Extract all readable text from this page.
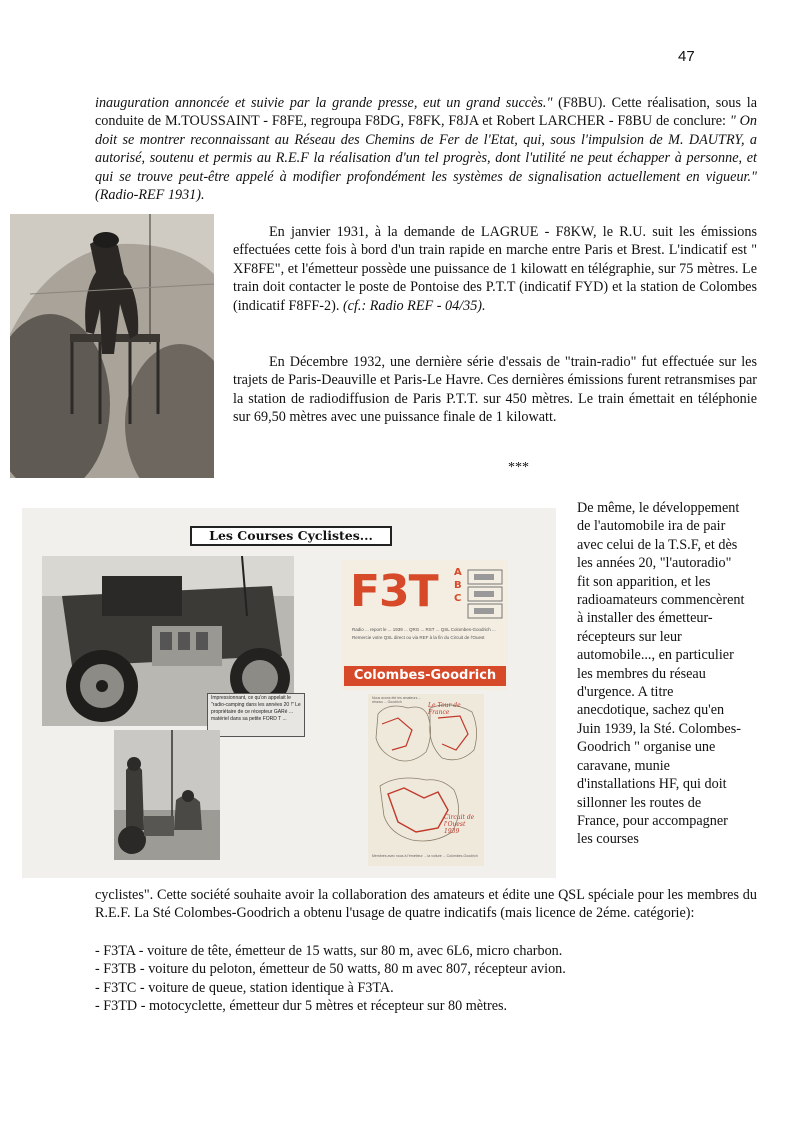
47

inauguration annoncée et suivie par la grande presse, eut un grand succès." (F8BU). Cette réalisation, sous la conduite de M.TOUSSAINT - F8FE, regroupa F8DG, F8FK, F8JA et Robert LARCHER - F8BU de conclure: " On doit se montrer reconnaissant au Réseau des Chemins de Fer de l'Etat, qui, sous l'impulsion de M. DAUTRY, a autorisé, soutenu et permis au R.E.F la réalisation d'un tel progrès, dont l'utilité ne peut échapper à personne, et qui se trouve peut-être appelé à modifier profondément les systèmes de signalisation actuellement en vigueur." (Radio-REF 1931).

En janvier 1931, à la demande de LAGRUE - F8KW, le R.U. suit les émissions effectuées cette fois à bord d'un train rapide en marche entre Paris et Brest. L'indicatif est " XF8FE", et l'émetteur possède une puissance de 1 kilowatt en télégraphie, sur 75 mètres. Le train doit contacter le poste de Pontoise des P.T.T (indicatif FYD) et la station de Colombes (indicatif F8FF-2). (cf.: Radio REF - 04/35).

En Décembre 1932, une dernière série d'essais de "train-radio" fut effectuée sur les trajets de Paris-Deauville et Paris-Le Havre. Ces dernières émissions furent retransmises par la station de radiodiffusion de Paris P.T.T. sur 450 mètres. Le train émettait en téléphonie sur 69,50 mètres avec une puissance finale de 1 kilowatt.

***
Les Courses Cyclistes...
Impressionnant, ce qu'on appelait le "radio-camping dans les années 20 !" Le propriétaire de ce récepteur GARé ... matériel dans sa petite FORD T ...
F3T A
B
C
Radio ... report le ... 1939 ... QRG ... RST ... QSL Colombes-Goodrich ... Remercie votre QSL direct ou via REF à la fin du Circuit de l'Ouest
Colombes-Goodrich
Le Tour de France
Nous avons été les amateurs ... réseau ... Goodrich
Circuit de l'Ouest 1939
Membres avec nous à l'émetteur ... la voiture ... Colombes-Goodrich

De même, le développement de l'automobile ira de pair avec celui de la T.S.F, et dès les années 20, "l'autoradio" fit son apparition, et les radioamateurs commencèrent à installer des émetteur-récepteurs sur leur automobile..., en particulier les membres du réseau d'urgence. A titre anecdotique, sachez qu'en Juin 1939, la Sté. Colombes-Goodrich " organise une caravane, munie d'installations HF, qui doit sillonner les routes de France, pour accompagner les courses

cyclistes". Cette société souhaite avoir la collaboration des amateurs et édite une QSL spéciale pour les membres du R.E.F. La Sté Colombes-Goodrich a obtenu l'usage de quatre indicatifs (mais licence de 2éme. catégorie):

- F3TA - voiture de tête, émetteur de 15 watts, sur 80 m, avec 6L6, micro charbon.
- F3TB - voiture du peloton, émetteur de 50 watts, 80 m avec 807, récepteur avion.
- F3TC - voiture de queue, station identique à F3TA.
- F3TD - motocyclette, émetteur dur 5 mètres et récepteur sur 80 mètres.
